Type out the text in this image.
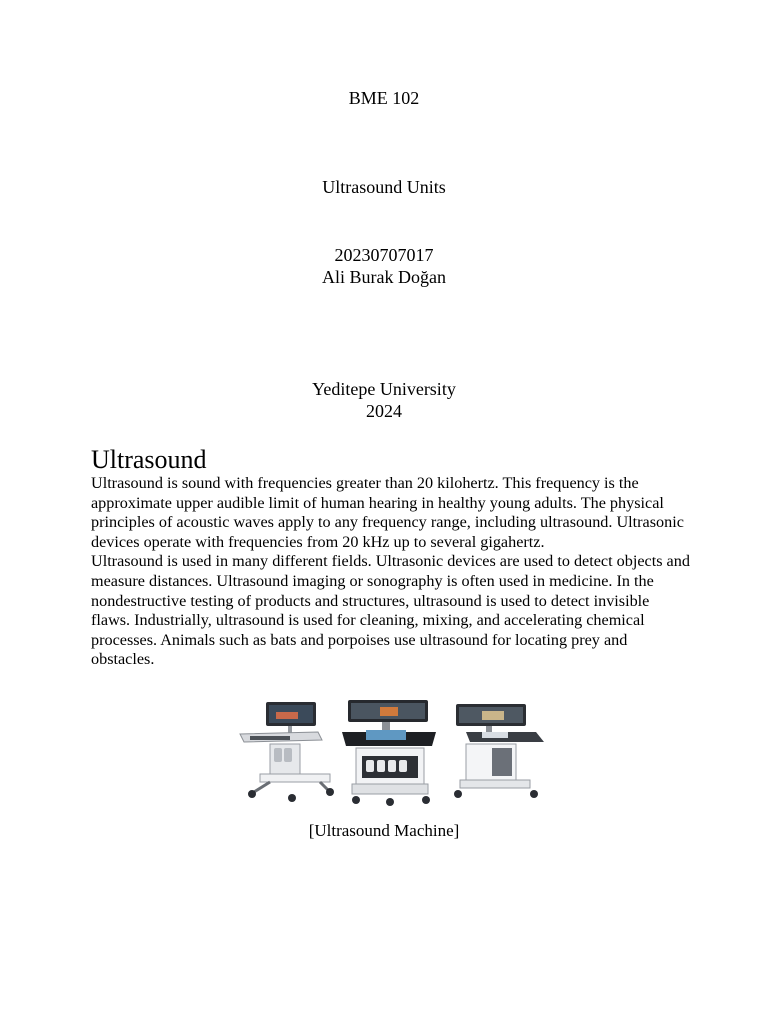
BME 102
Ultrasound Units
20230707017
Ali Burak Doğan
Yeditepe University
2024
Ultrasound

Ultrasound is sound with frequencies greater than 20 kilohertz. This frequency is the approximate upper audible limit of human hearing in healthy young adults. The physical principles of acoustic waves apply to any frequency range, including ultrasound. Ultrasonic devices operate with frequencies from 20 kHz up to several gigahertz.

Ultrasound is used in many different fields. Ultrasonic devices are used to detect objects and measure distances. Ultrasound imaging or sonography is often used in medicine. In the nondestructive testing of products and structures, ultrasound is used to detect invisible flaws. Industrially, ultrasound is used for cleaning, mixing, and accelerating chemical processes. Animals such as bats and porpoises use ultrasound for locating prey and obstacles.

[Ultrasound Machine]
